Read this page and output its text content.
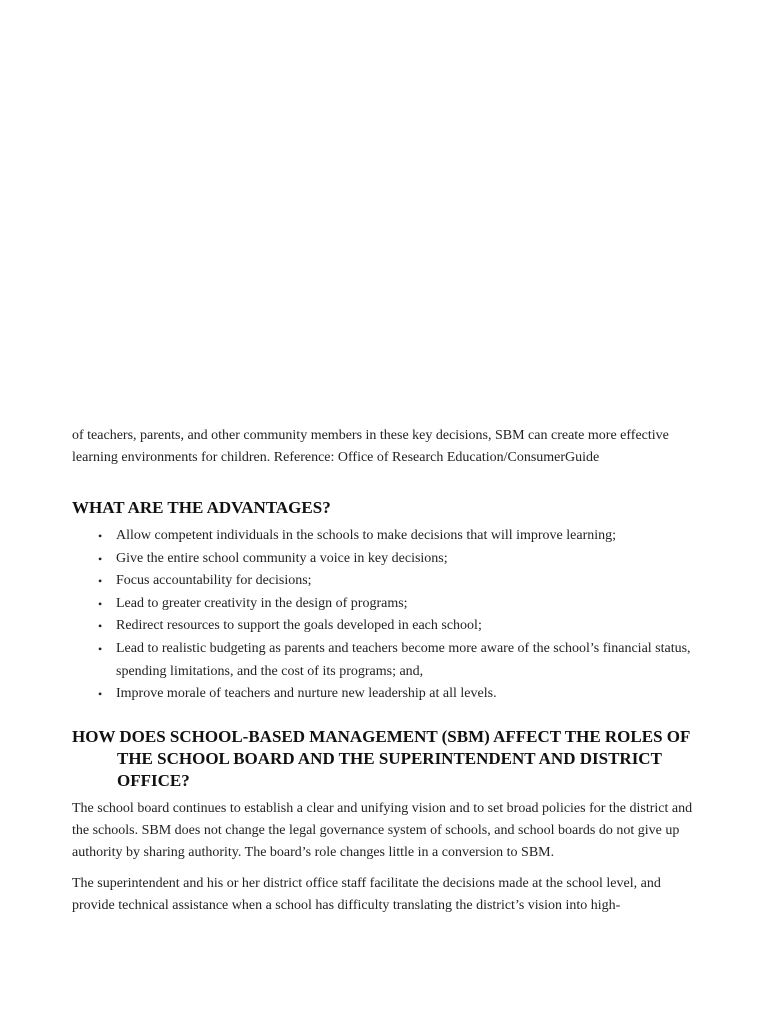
of teachers, parents, and other community members in these key decisions, SBM can create more effective learning environments for children. Reference: Office of Research Education/ConsumerGuide

WHAT ARE THE ADVANTAGES?
• Allow competent individuals in the schools to make decisions that will improve learning;
• Give the entire school community a voice in key decisions;
• Focus accountability for decisions;
• Lead to greater creativity in the design of programs;
• Redirect resources to support the goals developed in each school;
• Lead to realistic budgeting as parents and teachers become more aware of the school’s financial status, spending limitations, and the cost of its programs; and,
• Improve morale of teachers and nurture new leadership at all levels.
HOW DOES SCHOOL-BASED MANAGEMENT (SBM) AFFECT THE ROLES OF THE SCHOOL BOARD AND THE SUPERINTENDENT AND DISTRICT OFFICE?

The school board continues to establish a clear and unifying vision and to set broad policies for the district and the schools. SBM does not change the legal governance system of schools, and school boards do not give up authority by sharing authority. The board’s role changes little in a conversion to SBM.

The superintendent and his or her district office staff facilitate the decisions made at the school level, and provide technical assistance when a school has difficulty translating the district’s vision into high-
